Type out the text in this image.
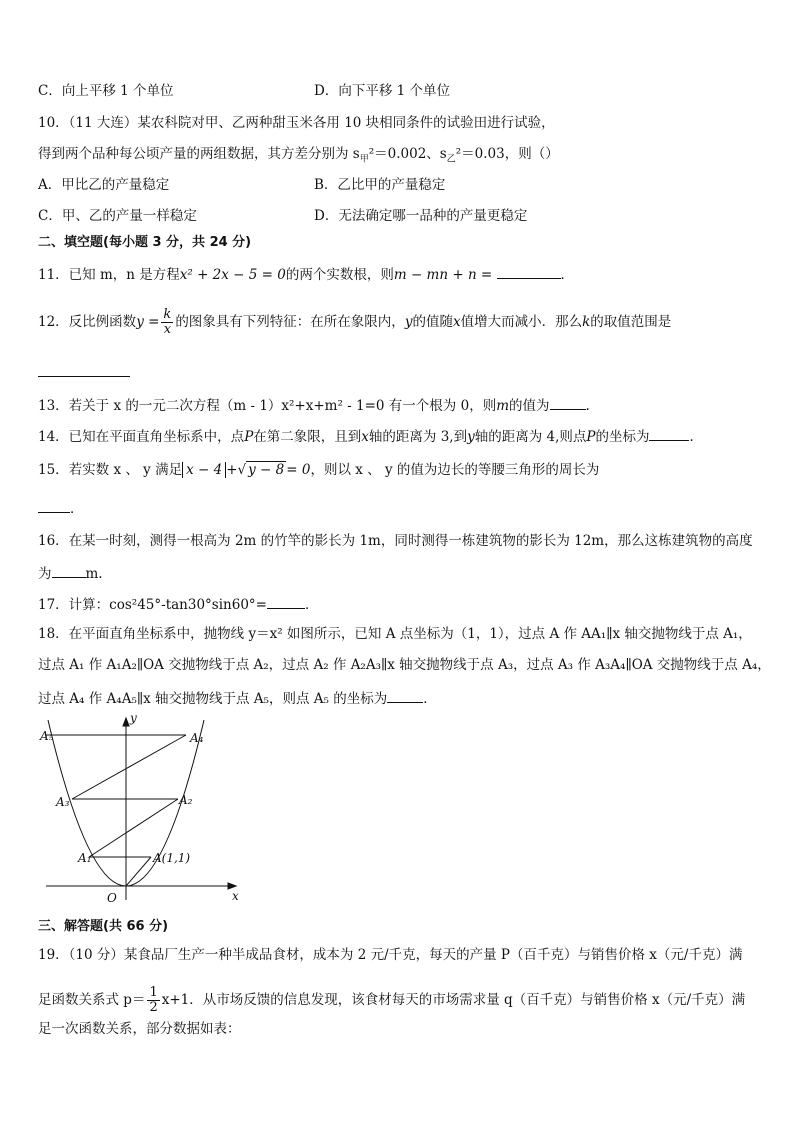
C．向上平移 1 个单位	D．向下平移 1 个单位
10．（11 大连）某农科院对甲、乙两种甜玉米各用 10 块相同条件的试验田进行试验，
得到两个品种每公顷产量的两组数据，其方差分别为 $s_甲^2=0.002$、$s_乙^2=0.03$，则（）
A．甲比乙的产量稳定	B．乙比甲的产量稳定
C．甲、乙的产量一样稳定	D．无法确定哪一品种的产量更稳定
二、填空题(每小题 3 分，共 24 分)
11．已知 m，n 是方程x² + 2x − 5 = 0的两个实数根，则m − mn + n =	．
12．反比例函数$y = \frac{k}{x}$ 的图象具有下列特征：在所在象限内，y的值随x值增大而减小．那么k的取值范围是
13．若关于 x 的一元二次方程（m - 1）x²+x+m² - 1=0 有一个根为 0，则m的值为	.
14．已知在平面直角坐标系中，点P在第二象限，且到x轴的距离为 3,到y轴的距离为 4,则点P的坐标为	．
15．若实数 x 、 y 满足 x − 4 +√ y − 8 = 0，则以 x 、 y 的值为边长的等腰三角形的周长为
．
16．在某一时刻，测得一根高为 2m 的竹竿的影长为 1m，同时测得一栋建筑物的影长为 12m，那么这栋建筑物的高度
为	m.
17．计算：cos²45°-tan30°sin60°=	．
18．在平面直角坐标系中，抛物线 y＝x² 如图所示，已知 A 点坐标为（1，1），过点 A 作 AA₁∥x 轴交抛物线于点 A₁，
过点 A₁ 作 A₁A₂∥OA 交抛物线于点 A₂，过点 A₂ 作 A₂A₃∥x 轴交抛物线于点 A₃，过点 A₃ 作 A₃A₄∥OA 交抛物线于点 A₄，
过点 A₄ 作 A₄A₅∥x 轴交抛物线于点 A₅，则点 A₅ 的坐标为	．
A₅	A₄
A₃	A₂
A₁	A(1,1)
O	x
y
三、解答题(共 66 分)
19．（10 分）某食品厂生产一种半成品食材，成本为 2 元/千克，每天的产量 P（百千克）与销售价格 x（元/千克）满
足函数关系式 $p= \frac{1}{2} x+1$．从市场反馈的信息发现，该食材每天的市场需求量 q（百千克）与销售价格 x（元/千克）满
足一次函数关系，部分数据如表：
